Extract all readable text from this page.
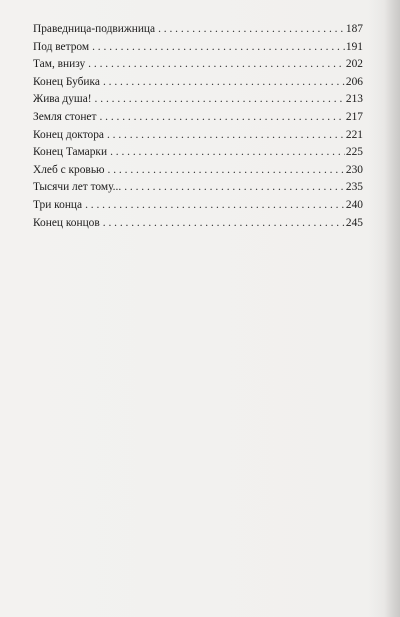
Праведница-подвижница . . .	187
Под ветром . . .	191
Там, внизу . . .	202
Конец Бубика . . .	206
Жива душа! . . .	213
Земля стонет . . .	217
Конец доктора . . .	221
Конец Тамарки . . .	225
Хлеб с кровью . . .	230
Тысячи лет тому... . . .	235
Три конца . . .	240
Конец концов . . .	245
